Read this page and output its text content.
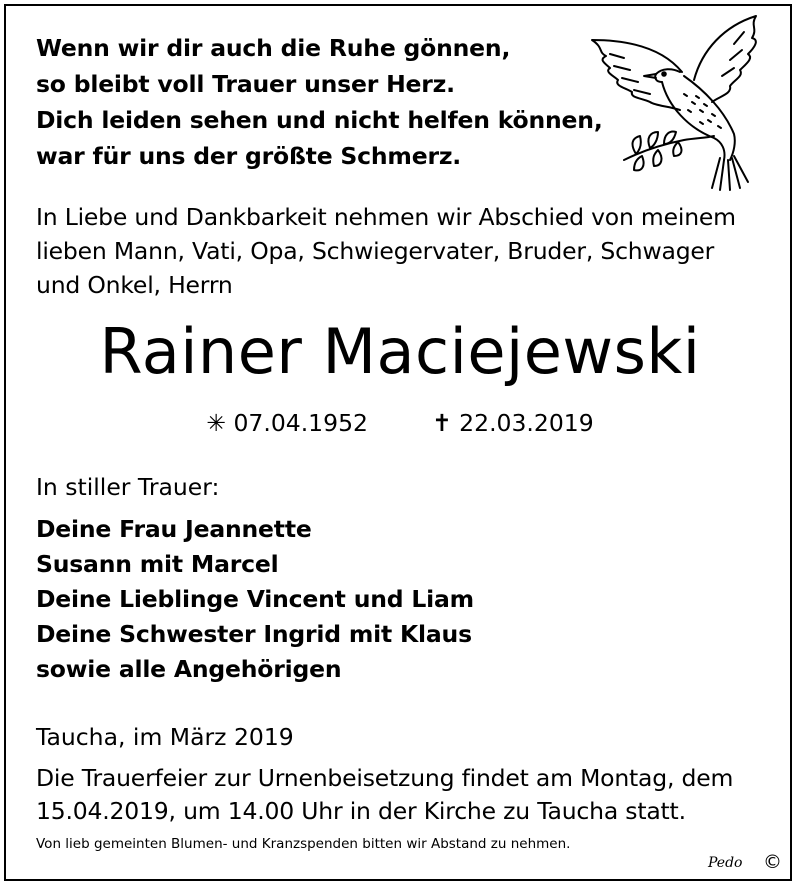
Wenn wir dir auch die Ruhe gönnen,
so bleibt voll Trauer unser Herz.
Dich leiden sehen und nicht helfen können,
war für uns der größte Schmerz.
In Liebe und Dankbarkeit nehmen wir Abschied von meinem
lieben Mann, Vati, Opa, Schwiegervater, Bruder, Schwager
und Onkel, Herrn
Rainer Maciejewski
✳ 07.04.1952	✝ 22.03.2019
In stiller Trauer:
Deine Frau Jeannette
Susann mit Marcel
Deine Lieblinge Vincent und Liam
Deine Schwester Ingrid mit Klaus
sowie alle Angehörigen
Taucha, im März 2019
Die Trauerfeier zur Urnenbeisetzung findet am Montag, dem
15.04.2019, um 14.00 Uhr in der Kirche zu Taucha statt.
Von lieb gemeinten Blumen- und Kranzspenden bitten wir Abstand zu nehmen.
Pedo ©
